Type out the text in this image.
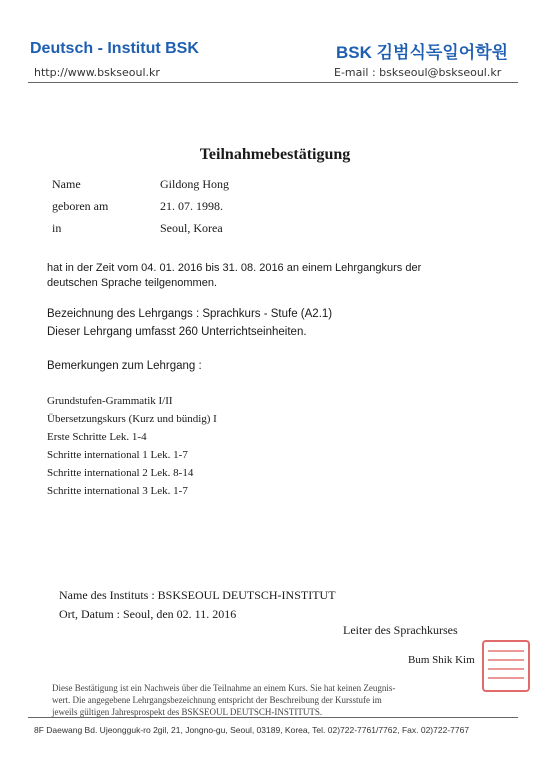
Deutsch - Institut BSK	BSK 김범식독일어학원
http://www.bskseoul.kr	E-mail : bskseoul@bskseoul.kr
Teilnahmebestätigung
Name	Gildong Hong
geboren am	21. 07. 1998.
in	Seoul, Korea
hat in der Zeit vom 04. 01. 2016 bis 31. 08. 2016 an einem Lehrgangkurs der
deutschen Sprache teilgenommen.
Bezeichnung des Lehrgangs : Sprachkurs - Stufe (A2.1)
Dieser Lehrgang umfasst 260 Unterrichtseinheiten.
Bemerkungen zum Lehrgang :
Grundstufen-Grammatik I/II
Übersetzungskurs (Kurz und bündig) I
Erste Schritte Lek. 1-4
Schritte international 1 Lek. 1-7
Schritte international 2 Lek. 8-14
Schritte international 3 Lek. 1-7
Name des Instituts : BSKSEOUL DEUTSCH-INSTITUT
Ort, Datum : Seoul, den 02. 11. 2016
Leiter des Sprachkurses
Bum Shik Kim
Diese Bestätigung ist ein Nachweis über die Teilnahme an einem Kurs. Sie hat keinen Zeugnis-
wert. Die angegebene Lehrgangsbezeichnung entspricht der Beschreibung der Kursstufe im
jeweils gültigen Jahresprospekt des BSKSEOUL DEUTSCH-INSTITUTS.
8F Daewang Bd. Ujeongguk-ro 2gil, 21, Jongno-gu, Seoul, 03189, Korea, Tel. 02)722-7761/7762, Fax. 02)722-7767
